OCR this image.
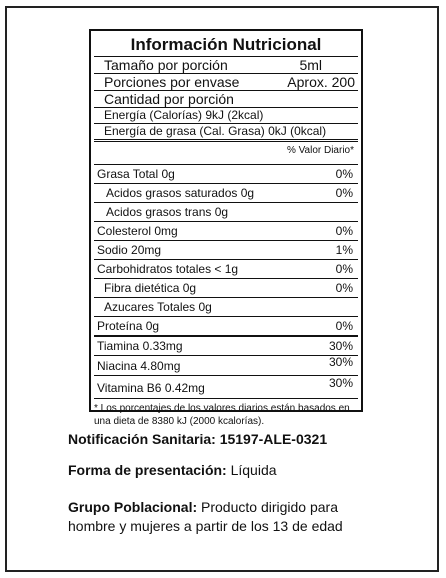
Información Nutricional
Tamaño por porción	5ml
Porciones por envase	Aprox. 200
Cantidad por porción
Energía (Calorías) 9kJ (2kcal)
Energía de grasa (Cal. Grasa) 0kJ (0kcal)
% Valor Diario*
Grasa Total 0g	0%
Acidos grasos saturados 0g	0%
Acidos grasos trans 0g
Colesterol 0mg	0%
Sodio 20mg	1%
Carbohidratos totales < 1g	0%
Fibra dietética 0g	0%
Azucares Totales 0g
Proteína 0g	0%
Tiamina 0.33mg	30%
Niacina 4.80mg	30%
Vitamina B6 0.42mg	30%
* Los porcentajes de los valores diarios están basados en una dieta de 8380 kJ (2000 kcalorías).
Notificación Sanitaria: 15197-ALE-0321
Forma de presentación: Líquida
Grupo Poblacional: Producto dirigido para hombre y mujeres a partir de los 13 de edad
